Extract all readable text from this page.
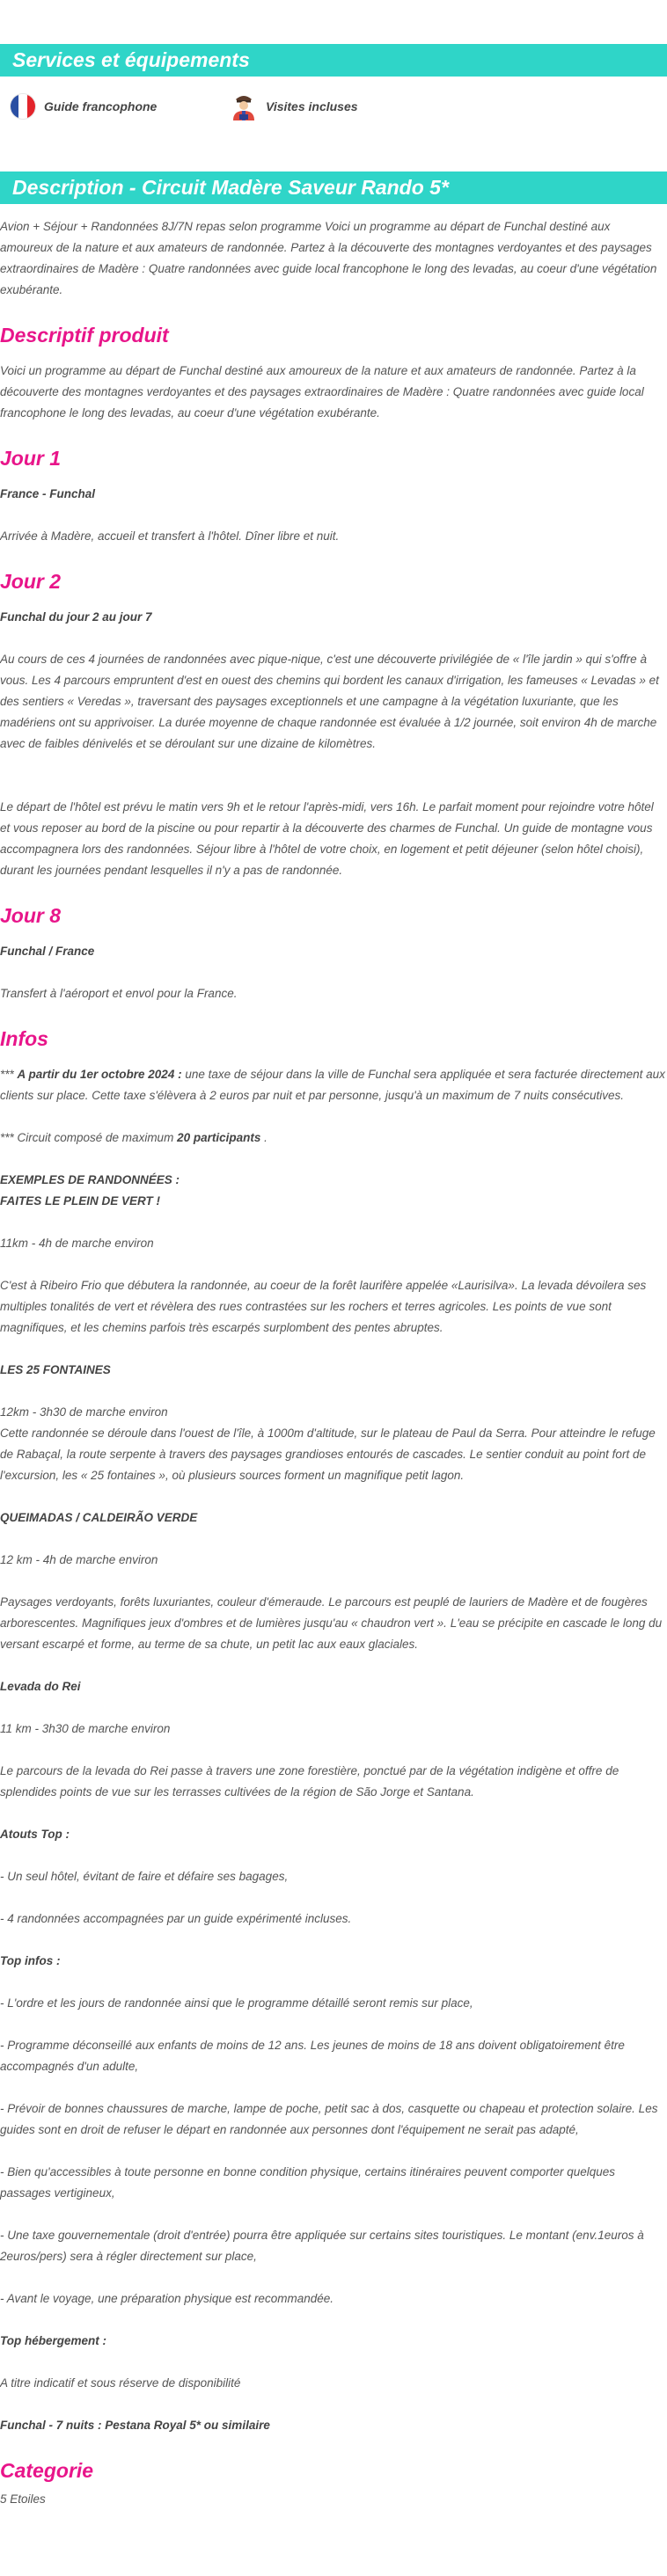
Services et équipements
Guide francophone	Visites incluses
Description - Circuit Madère Saveur Rando 5*

Avion + Séjour + Randonnées 8J/7N repas selon programme Voici un programme au départ de Funchal destiné aux amoureux de la nature et aux amateurs de randonnée. Partez à la découverte des montagnes verdoyantes et des paysages extraordinaires de Madère : Quatre randonnées avec guide local francophone le long des levadas, au coeur d'une végétation exubérante.

Descriptif produit

Voici un programme au départ de Funchal destiné aux amoureux de la nature et aux amateurs de randonnée. Partez à la découverte des montagnes verdoyantes et des paysages extraordinaires de Madère : Quatre randonnées avec guide local francophone le long des levadas, au coeur d'une végétation exubérante.

Jour 1

France - Funchal

Arrivée à Madère, accueil et transfert à l'hôtel. Dîner libre et nuit.

Jour 2

Funchal du jour 2 au jour 7

Au cours de ces 4 journées de randonnées avec pique-nique, c'est une découverte privilégiée de « l'île jardin » qui s'offre à vous. Les 4 parcours empruntent d'est en ouest des chemins qui bordent les canaux d'irrigation, les fameuses « Levadas » et des sentiers « Veredas », traversant des paysages exceptionnels et une campagne à la végétation luxuriante, que les madériens ont su apprivoiser. La durée moyenne de chaque randonnée est évaluée à 1/2 journée, soit environ 4h de marche avec de faibles dénivelés et se déroulant sur une dizaine de kilomètres.

Le départ de l'hôtel est prévu le matin vers 9h et le retour l'après-midi, vers 16h. Le parfait moment pour rejoindre votre hôtel et vous reposer au bord de la piscine ou pour repartir à la découverte des charmes de Funchal. Un guide de montagne vous accompagnera lors des randonnées. Séjour libre à l'hôtel de votre choix, en logement et petit déjeuner (selon hôtel choisi), durant les journées pendant lesquelles il n'y a pas de randonnée.

Jour 8

Funchal / France

Transfert à l'aéroport et envol pour la France.

Infos

*** A partir du 1er octobre 2024 : une taxe de séjour dans la ville de Funchal sera appliquée et sera facturée directement aux clients sur place. Cette taxe s'élèvera à 2 euros par nuit et par personne, jusqu'à un maximum de 7 nuits consécutives.

*** Circuit composé de maximum 20 participants .

EXEMPLES DE RANDONNÉES :

FAITES LE PLEIN DE VERT !

11km - 4h de marche environ

C'est à Ribeiro Frio que débutera la randonnée, au coeur de la forêt laurifère appelée «Laurisilva». La levada dévoilera ses multiples tonalités de vert et révèlera des rues contrastées sur les rochers et terres agricoles. Les points de vue sont magnifiques, et les chemins parfois très escarpés surplombent des pentes abruptes.

LES 25 FONTAINES

12km - 3h30 de marche environ

Cette randonnée se déroule dans l'ouest de l'île, à 1000m d'altitude, sur le plateau de Paul da Serra. Pour atteindre le refuge de Rabaçal, la route serpente à travers des paysages grandioses entourés de cascades. Le sentier conduit au point fort de l'excursion, les « 25 fontaines », où plusieurs sources forment un magnifique petit lagon.

QUEIMADAS / CALDEIRÃO VERDE

12 km - 4h de marche environ

Paysages verdoyants, forêts luxuriantes, couleur d'émeraude. Le parcours est peuplé de lauriers de Madère et de fougères arborescentes. Magnifiques jeux d'ombres et de lumières jusqu'au « chaudron vert ». L'eau se précipite en cascade le long du versant escarpé et forme, au terme de sa chute, un petit lac aux eaux glaciales.

Levada do Rei

11 km - 3h30 de marche environ

Le parcours de la levada do Rei passe à travers une zone forestière, ponctué par de la végétation indigène et offre de splendides points de vue sur les terrasses cultivées de la région de São Jorge et Santana.

Atouts Top :

- Un seul hôtel, évitant de faire et défaire ses bagages,

- 4 randonnées accompagnées par un guide expérimenté incluses.

Top infos :

- L'ordre et les jours de randonnée ainsi que le programme détaillé seront remis sur place,

- Programme déconseillé aux enfants de moins de 12 ans. Les jeunes de moins de 18 ans doivent obligatoirement être accompagnés d'un adulte,

- Prévoir de bonnes chaussures de marche, lampe de poche, petit sac à dos, casquette ou chapeau et protection solaire. Les guides sont en droit de refuser le départ en randonnée aux personnes dont l'équipement ne serait pas adapté,

- Bien qu'accessibles à toute personne en bonne condition physique, certains itinéraires peuvent comporter quelques passages vertigineux,

- Une taxe gouvernementale (droit d'entrée) pourra être appliquée sur certains sites touristiques. Le montant (env.1euros à 2euros/pers) sera à régler directement sur place,

- Avant le voyage, une préparation physique est recommandée.

Top hébergement :

A titre indicatif et sous réserve de disponibilité

Funchal - 7 nuits : Pestana Royal 5* ou similaire

Categorie

5 Etoiles
